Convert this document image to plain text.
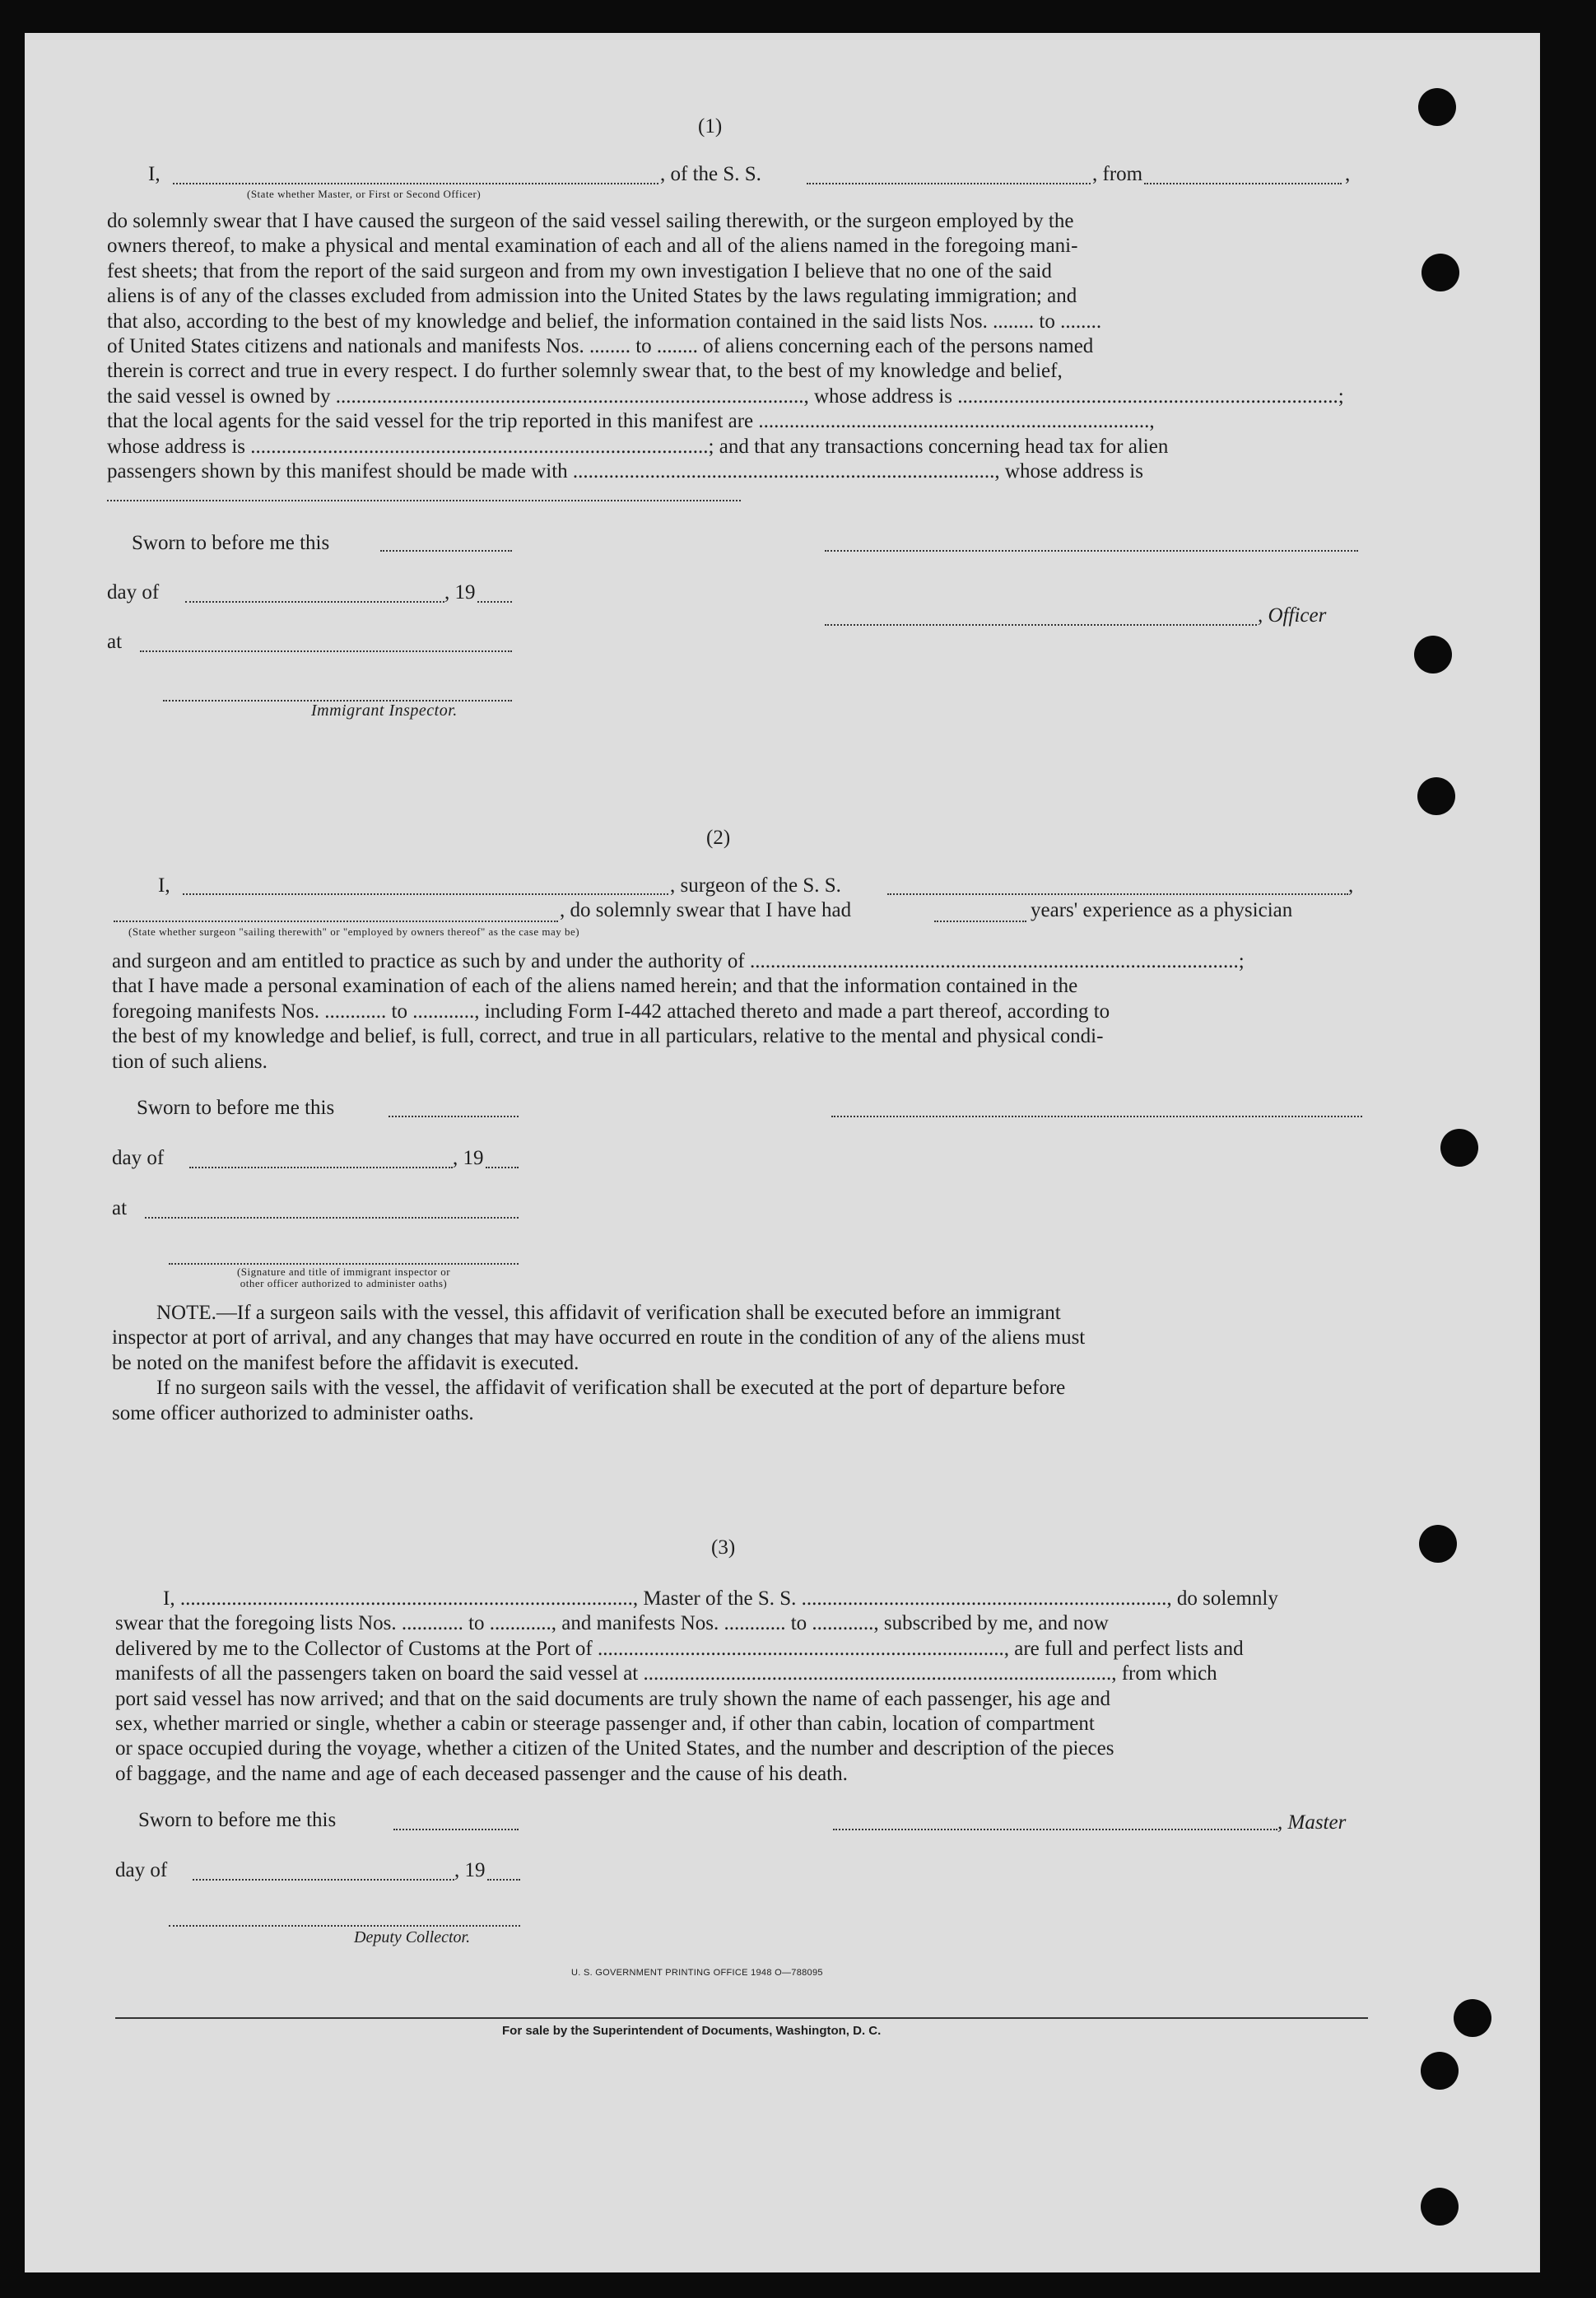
(1)
I,	, of the S. S.	, from	,
(State whether Master, or First or Second Officer)
do solemnly swear that I have caused the surgeon of the said vessel sailing therewith, or the surgeon employed by the
owners thereof, to make a physical and mental examination of each and all of the aliens named in the foregoing mani-
fest sheets; that from the report of the said surgeon and from my own investigation I believe that no one of the said
aliens is of any of the classes excluded from admission into the United States by the laws regulating immigration; and
that also, according to the best of my knowledge and belief, the information contained in the said lists Nos. ........ to ........
of United States citizens and nationals and manifests Nos. ........ to ........ of aliens concerning each of the persons named
therein is correct and true in every respect. I do further solemnly swear that, to the best of my knowledge and belief,
the said vessel is owned by ..........................................................................................., whose address is ..........................................................................;
that the local agents for the said vessel for the trip reported in this manifest are ............................................................................,
whose address is .........................................................................................; and that any transactions concerning head tax for alien
passengers shown by this manifest should be made with .................................................................................., whose address is
Sworn to before me this
day of	, 19
, Officer
at
Immigrant Inspector.
(2)
I,	, surgeon of the S. S.	,
, do solemnly swear that I have had	years' experience as a physician
(State whether surgeon "sailing therewith" or "employed by owners thereof" as the case may be)
and surgeon and am entitled to practice as such by and under the authority of ...............................................................................................;
that I have made a personal examination of each of the aliens named herein; and that the information contained in the
foregoing manifests Nos. ............ to ............, including Form I-442 attached thereto and made a part thereof, according to
the best of my knowledge and belief, is full, correct, and true in all particulars, relative to the mental and physical condi-
tion of such aliens.
Sworn to before me this
day of	, 19
at
(Signature and title of immigrant inspector or
other officer authorized to administer oaths)
NOTE.—If a surgeon sails with the vessel, this affidavit of verification shall be executed before an immigrant
inspector at port of arrival, and any changes that may have occurred en route in the condition of any of the aliens must
be noted on the manifest before the affidavit is executed.
If no surgeon sails with the vessel, the affidavit of verification shall be executed at the port of departure before
some officer authorized to administer oaths.
(3)
I, ........................................................................................, Master of the S. S. ......................................................................., do solemnly
swear that the foregoing lists Nos. ............ to ............, and manifests Nos. ............ to ............, subscribed by me, and now
delivered by me to the Collector of Customs at the Port of ..............................................................................., are full and perfect lists and
manifests of all the passengers taken on board the said vessel at ..........................................................................................., from which
port said vessel has now arrived; and that on the said documents are truly shown the name of each passenger, his age and
sex, whether married or single, whether a cabin or steerage passenger and, if other than cabin, location of compartment
or space occupied during the voyage, whether a citizen of the United States, and the number and description of the pieces
of baggage, and the name and age of each deceased passenger and the cause of his death.
Sworn to before me this	, Master
day of	, 19
Deputy Collector.
U. S. GOVERNMENT PRINTING OFFICE 1948 O—788095
For sale by the Superintendent of Documents, Washington, D. C.
